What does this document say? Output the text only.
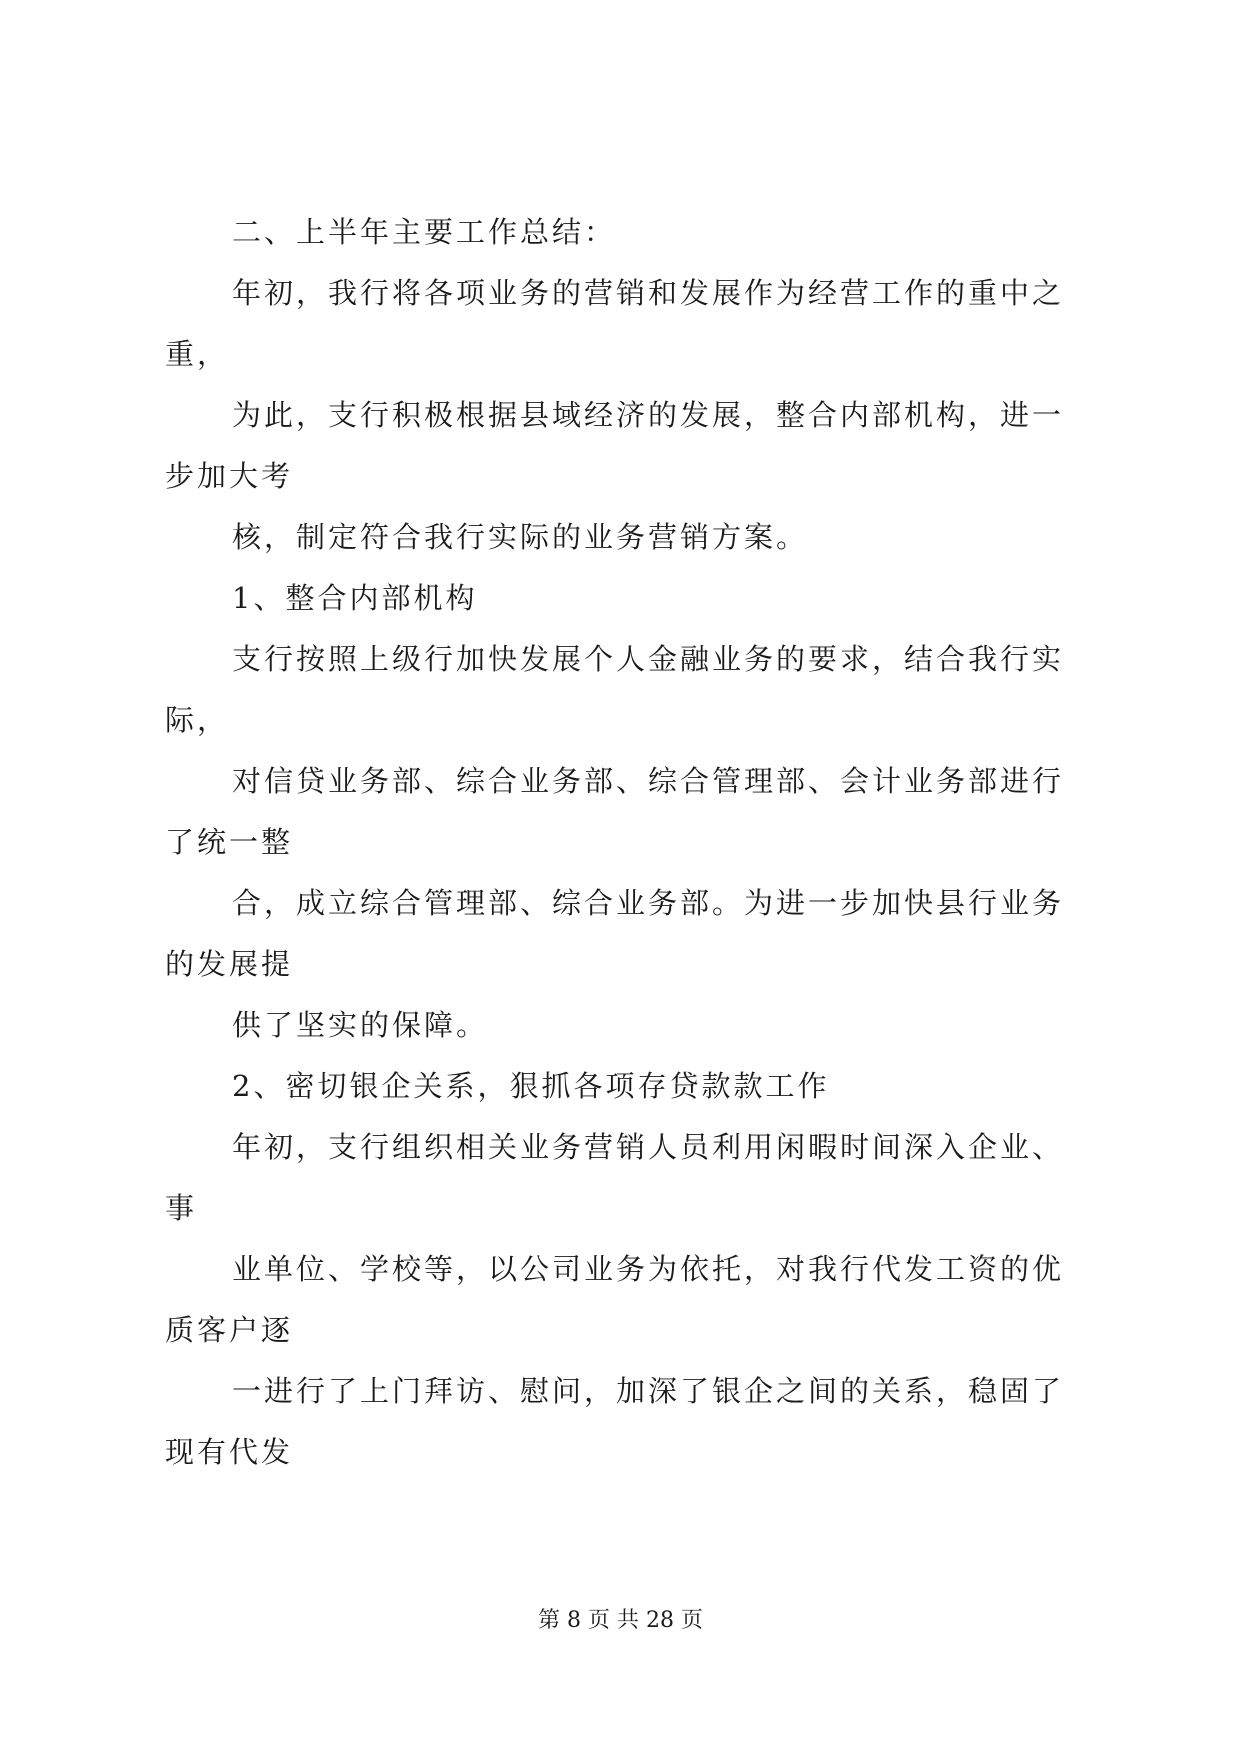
二、上半年主要工作总结：
年初，我行将各项业务的营销和发展作为经营工作的重中之
重，
为此，支行积极根据县域经济的发展，整合内部机构，进一
步加大考
核，制定符合我行实际的业务营销方案。
1、整合内部机构
支行按照上级行加快发展个人金融业务的要求，结合我行实
际，
对信贷业务部、综合业务部、综合管理部、会计业务部进行
了统一整
合，成立综合管理部、综合业务部。为进一步加快县行业务
的发展提
供了坚实的保障。
2、密切银企关系，狠抓各项存贷款款工作
年初，支行组织相关业务营销人员利用闲暇时间深入企业、
事
业单位、学校等，以公司业务为依托，对我行代发工资的优
质客户逐
一进行了上门拜访、慰问，加深了银企之间的关系，稳固了
现有代发
第 8 页 共 28 页
